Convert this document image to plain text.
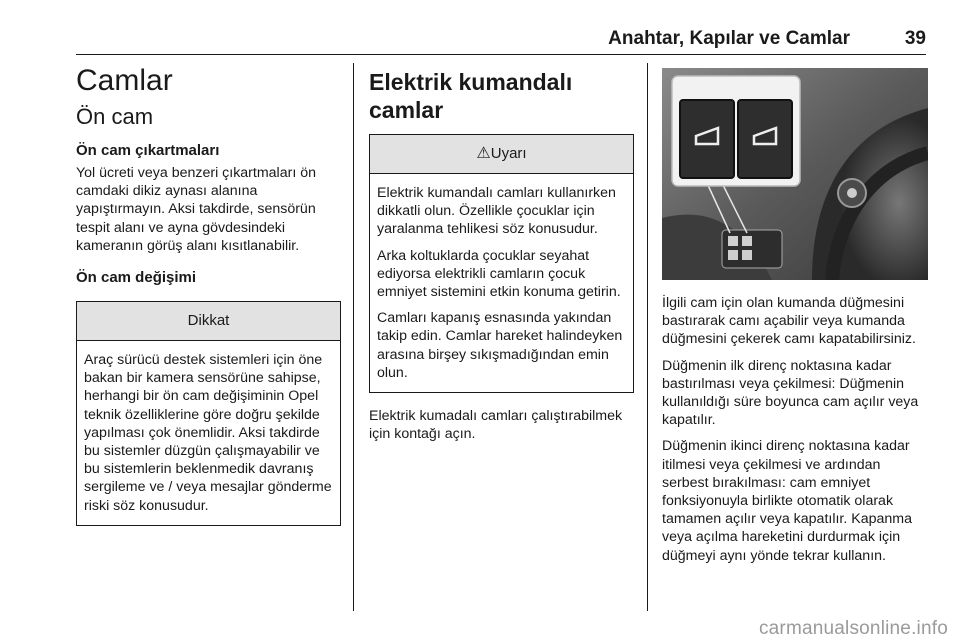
Anahtar, Kapılar ve Camlar	39
Camlar
Ön cam
Ön cam çıkartmaları

Yol ücreti veya benzeri çıkartmaları ön camdaki dikiz aynası alanına yapıştırmayın. Aksi takdirde, sensörün tespit alanı ve ayna gövdesindeki kameranın görüş alanı kısıtlanabilir.

Ön cam değişimi
Dikkat

Araç sürücü destek sistemleri için öne bakan bir kamera sensörüne sahipse, herhangi bir ön cam değişiminin Opel teknik özelliklerine göre doğru şekilde yapılması çok önemlidir. Aksi takdirde bu sistemler düzgün çalışmayabilir ve bu sistemlerin beklenmedik davranış sergileme ve / veya mesajlar gönderme riski söz konusudur.

Elektrik kumandalı camlar
⚠Uyarı

Elektrik kumandalı camları kullanırken dikkatli olun. Özellikle çocuklar için yaralanma tehlikesi söz konusudur.

Arka koltuklarda çocuklar seyahat ediyorsa elektrikli camların çocuk emniyet sistemini etkin konuma getirin.

Camları kapanış esnasında yakından takip edin. Camlar hareket halindeyken arasına birşey sıkışmadığından emin olun.

Elektrik kumadalı camları çalıştırabilmek için kontağı açın.

İlgili cam için olan kumanda düğmesini bastırarak camı açabilir veya kumanda düğmesini çekerek camı kapatabilirsiniz.

Düğmenin ilk direnç noktasına kadar bastırılması veya çekilmesi: Düğmenin kullanıldığı süre boyunca cam açılır veya kapatılır.

Düğmenin ikinci direnç noktasına kadar itilmesi veya çekilmesi ve ardından serbest bırakılması: cam emniyet fonksiyonuyla birlikte otomatik olarak tamamen açılır veya kapatılır. Kapanma veya açılma hareketini durdurmak için düğmeyi aynı yönde tekrar kullanın.

carmanualsonline.info
